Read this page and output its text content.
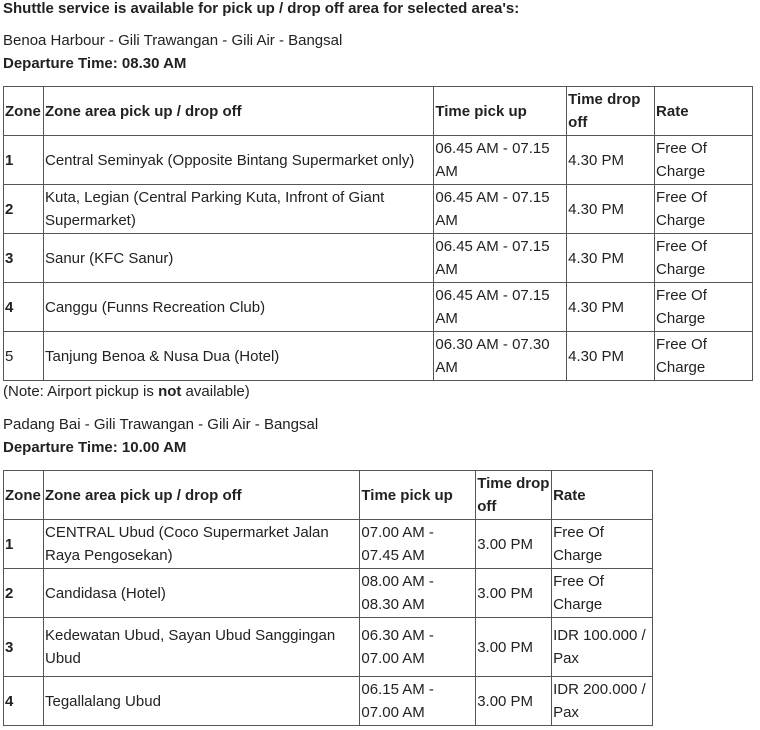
Shuttle service is available for pick up / drop off area for selected area's:
Benoa Harbour - Gili Trawangan - Gili Air - Bangsal
Departure Time: 08.30 AM
Zone	Zone area pick up / drop off	Time pick up	Time drop off	Rate
1	Central Seminyak (Opposite Bintang Supermarket only)	06.45 AM - 07.15 AM	4.30 PM	Free Of Charge
2	Kuta, Legian (Central Parking Kuta, Infront of Giant Supermarket)	06.45 AM - 07.15 AM	4.30 PM	Free Of Charge
3	Sanur (KFC Sanur)	06.45 AM - 07.15 AM	4.30 PM	Free Of Charge
4	Canggu (Funns Recreation Club)	06.45 AM - 07.15 AM	4.30 PM	Free Of Charge
5	Tanjung Benoa & Nusa Dua (Hotel)	06.30 AM - 07.30 AM	4.30 PM	Free Of Charge
(Note: Airport pickup is not available)
Padang Bai - Gili Trawangan - Gili Air - Bangsal
Departure Time: 10.00 AM
Zone	Zone area pick up / drop off	Time pick up	Time drop off	Rate
1	CENTRAL Ubud (Coco Supermarket Jalan Raya Pengosekan)	07.00 AM - 07.45 AM	3.00 PM	Free Of Charge
2	Candidasa (Hotel)	08.00 AM - 08.30 AM	3.00 PM	Free Of Charge
3	Kedewatan Ubud, Sayan Ubud Sanggingan Ubud	06.30 AM - 07.00 AM	3.00 PM	IDR 100.000 / Pax
4	Tegallalang Ubud	06.15 AM - 07.00 AM	3.00 PM	IDR 200.000 / Pax
